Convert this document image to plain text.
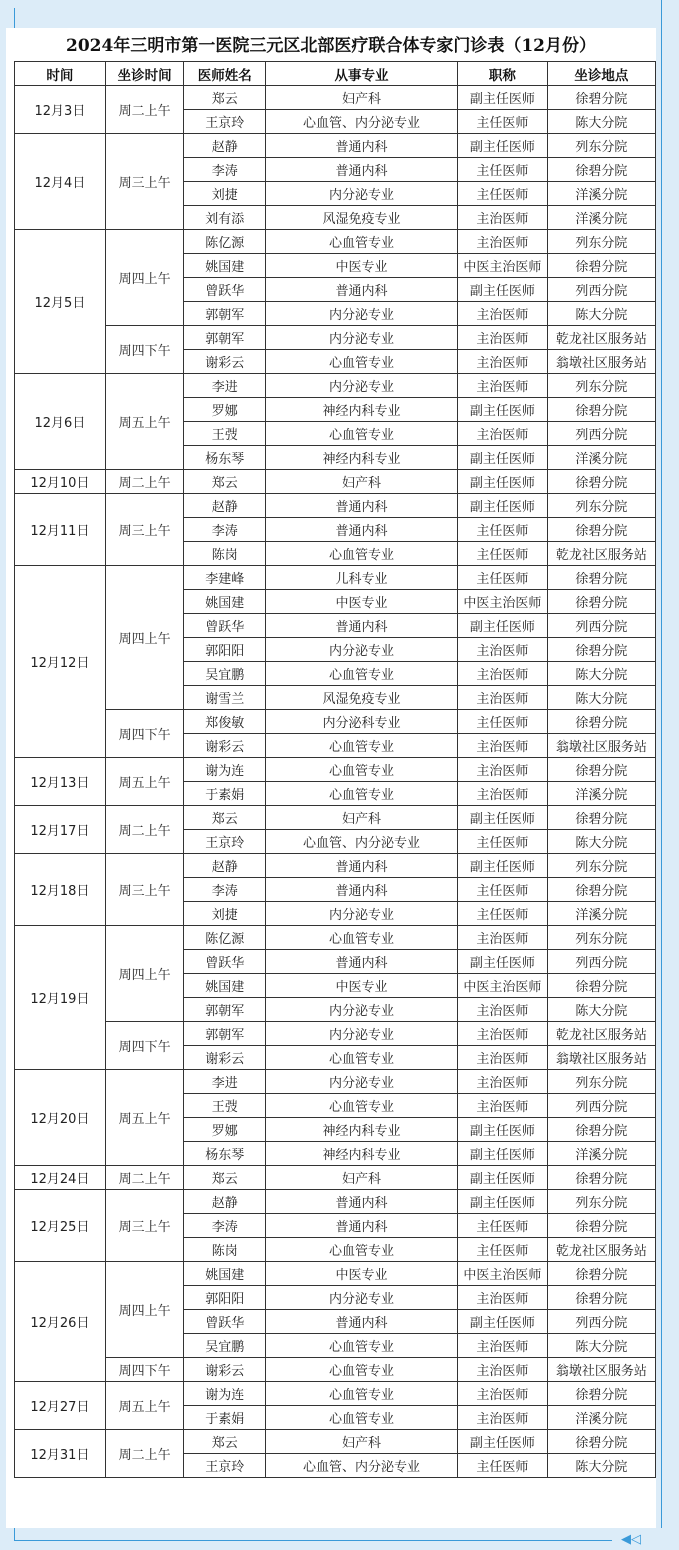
◀◁
2024年三明市第一医院三元区北部医疗联合体专家门诊表（12月份）
时间	坐诊时间	医师姓名	从事专业	职称	坐诊地点
12月3日	周二上午	郑云	妇产科	副主任医师	徐碧分院
		王京玲	心血管、内分泌专业	主任医师	陈大分院
12月4日	周三上午	赵静	普通内科	副主任医师	列东分院
		李涛	普通内科	主任医师	徐碧分院
		刘捷	内分泌专业	主任医师	洋溪分院
		刘有添	风湿免疫专业	主治医师	洋溪分院
12月5日	周四上午	陈亿源	心血管专业	主治医师	列东分院
		姚国建	中医专业	中医主治医师	徐碧分院
		曾跃华	普通内科	副主任医师	列西分院
		郭朝军	内分泌专业	主治医师	陈大分院
	周四下午	郭朝军	内分泌专业	主治医师	乾龙社区服务站
		谢彩云	心血管专业	主治医师	翁墩社区服务站
12月6日	周五上午	李进	内分泌专业	主治医师	列东分院
		罗娜	神经内科专业	副主任医师	徐碧分院
		王弢	心血管专业	主治医师	列西分院
		杨东琴	神经内科专业	副主任医师	洋溪分院
12月10日	周二上午	郑云	妇产科	副主任医师	徐碧分院
12月11日	周三上午	赵静	普通内科	副主任医师	列东分院
		李涛	普通内科	主任医师	徐碧分院
		陈岗	心血管专业	主任医师	乾龙社区服务站
12月12日	周四上午	李建峰	儿科专业	主任医师	徐碧分院
		姚国建	中医专业	中医主治医师	徐碧分院
		曾跃华	普通内科	副主任医师	列西分院
		郭阳阳	内分泌专业	主治医师	徐碧分院
		吴宜鹏	心血管专业	主治医师	陈大分院
		谢雪兰	风湿免疫专业	主治医师	陈大分院
	周四下午	郑俊敏	内分泌科专业	主任医师	徐碧分院
		谢彩云	心血管专业	主治医师	翁墩社区服务站
12月13日	周五上午	谢为连	心血管专业	主治医师	徐碧分院
		于素娟	心血管专业	主治医师	洋溪分院
12月17日	周二上午	郑云	妇产科	副主任医师	徐碧分院
		王京玲	心血管、内分泌专业	主任医师	陈大分院
12月18日	周三上午	赵静	普通内科	副主任医师	列东分院
		李涛	普通内科	主任医师	徐碧分院
		刘捷	内分泌专业	主任医师	洋溪分院
12月19日	周四上午	陈亿源	心血管专业	主治医师	列东分院
		曾跃华	普通内科	副主任医师	列西分院
		姚国建	中医专业	中医主治医师	徐碧分院
		郭朝军	内分泌专业	主治医师	陈大分院
	周四下午	郭朝军	内分泌专业	主治医师	乾龙社区服务站
		谢彩云	心血管专业	主治医师	翁墩社区服务站
12月20日	周五上午	李进	内分泌专业	主治医师	列东分院
		王弢	心血管专业	主治医师	列西分院
		罗娜	神经内科专业	副主任医师	徐碧分院
		杨东琴	神经内科专业	副主任医师	洋溪分院
12月24日	周二上午	郑云	妇产科	副主任医师	徐碧分院
12月25日	周三上午	赵静	普通内科	副主任医师	列东分院
		李涛	普通内科	主任医师	徐碧分院
		陈岗	心血管专业	主任医师	乾龙社区服务站
12月26日	周四上午	姚国建	中医专业	中医主治医师	徐碧分院
		郭阳阳	内分泌专业	主治医师	徐碧分院
		曾跃华	普通内科	副主任医师	列西分院
		吴宜鹏	心血管专业	主治医师	陈大分院
	周四下午	谢彩云	心血管专业	主治医师	翁墩社区服务站
12月27日	周五上午	谢为连	心血管专业	主治医师	徐碧分院
		于素娟	心血管专业	主治医师	洋溪分院
12月31日	周二上午	郑云	妇产科	副主任医师	徐碧分院
		王京玲	心血管、内分泌专业	主任医师	陈大分院
